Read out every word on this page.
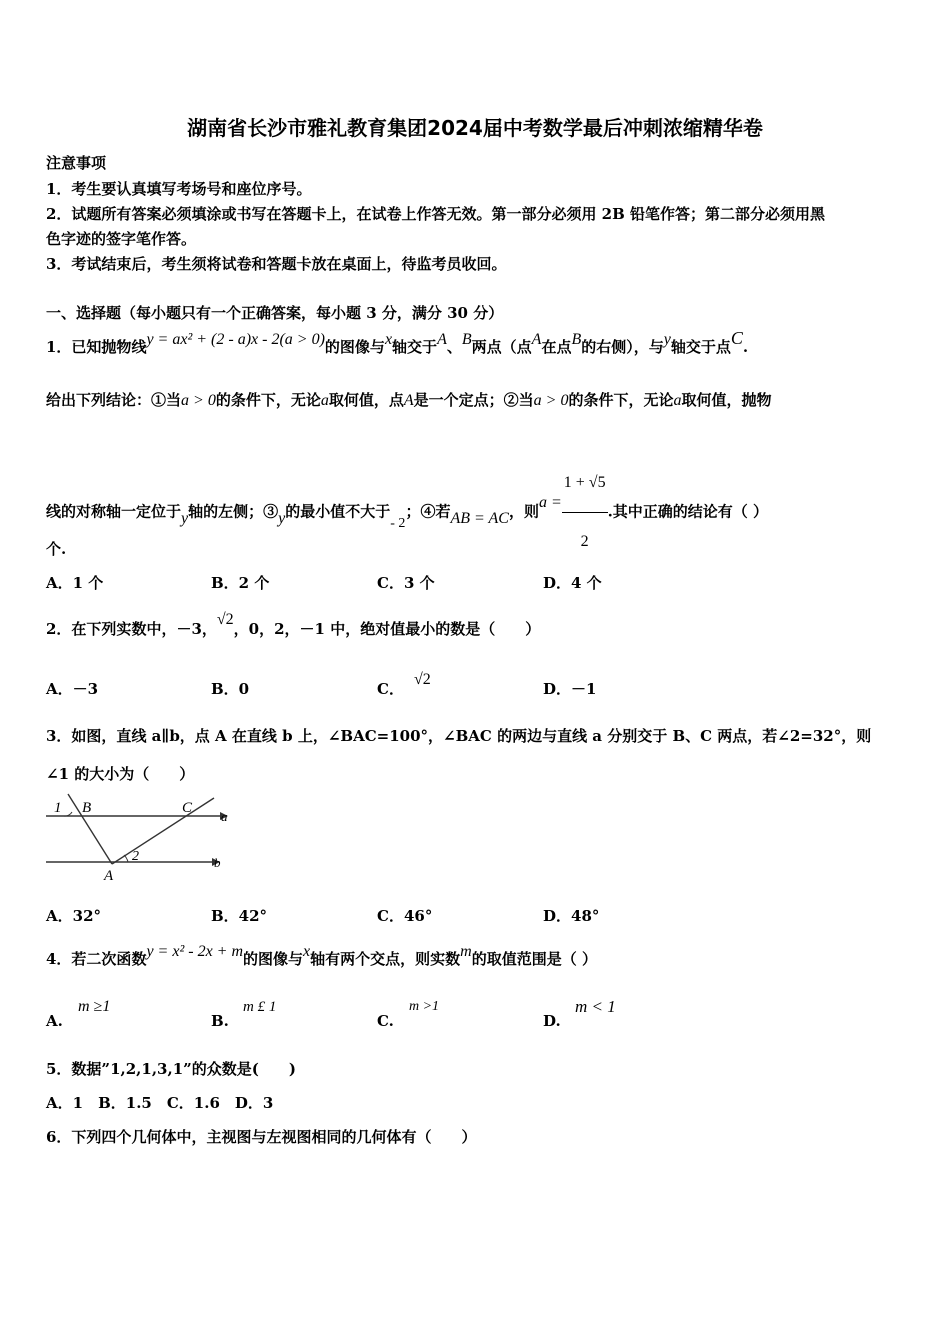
湖南省长沙市雅礼教育集团2024届中考数学最后冲刺浓缩精华卷
注意事项
1．考生要认真填写考场号和座位序号。
2．试题所有答案必须填涂或书写在答题卡上，在试卷上作答无效。第一部分必须用 2B 铅笔作答；第二部分必须用黑
色字迹的签字笔作答。
3．考试结束后，考生须将试卷和答题卡放在桌面上，待监考员收回。
一、选择题（每小题只有一个正确答案，每小题 3 分，满分 30 分）
1．已知抛物线y = ax² + (2 - a)x - 2(a > 0)的图像与x轴交于A、B两点（点A在点B的右侧），与y轴交于点C.
给出下列结论：①当a > 0的条件下，无论a取何值，点A是一个定点；②当a > 0的条件下，无论a取何值，抛物
线的对称轴一定位于y轴的左侧；③y的最小值不大于- 2；④若AB = AC，则$a = \frac{1 + √5}{2}$ .其中正确的结论有（ ）
个.
A．1 个	B．2 个	C．3 个	D．4 个
2．在下列实数中，－3，√2，0，2，－1 中，绝对值最小的数是（　　）
A．－3	B．0	C．√2
D．－1
3．如图，直线 a∥b，点 A 在直线 b 上，∠BAC=100°，∠BAC 的两边与直线 a 分别交于 B、C 两点，若∠2=32°，则
∠1 的大小为（　　）
1 B	C
a
2
A
b
A．32°	B．42°	C．46°	D．48°
4．若二次函数y = x² - 2x + m的图像与x轴有两个交点，则实数m的取值范围是（ ）
A.
m ≥1
B.
m £ 1
C.
m >1
D.
m < 1
5．数据”1,2,1,3,1”的众数是(　　)
A．1　B．1.5　C．1.6　D．3
6．下列四个几何体中，主视图与左视图相同的几何体有（　　）
